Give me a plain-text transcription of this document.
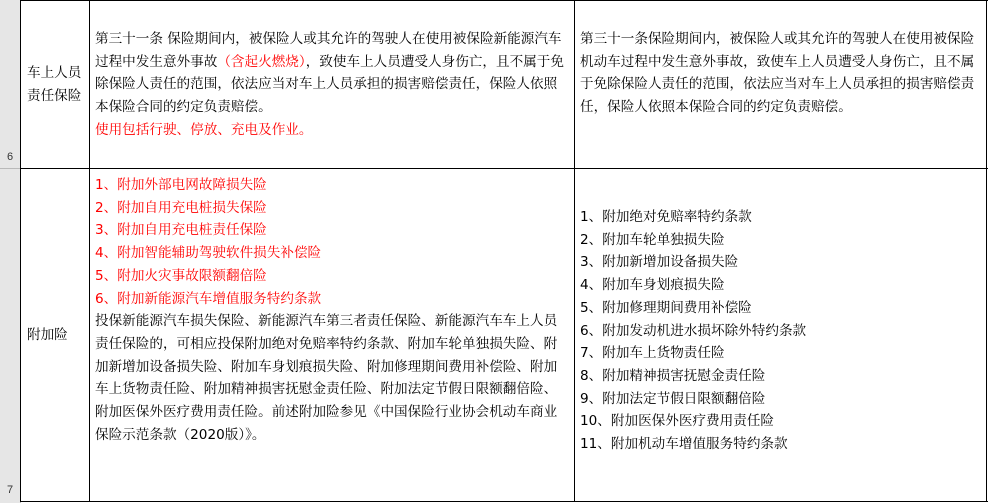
6
7
车上人员责任保险
第三十一条 保险期间内，被保险人或其允许的驾驶人在使用被保险新能源汽车过程中发生意外事故（含起火燃烧），致使车上人员遭受人身伤亡，且不属于免除保险人责任的范围，依法应当对车上人员承担的损害赔偿责任，保险人依照本保险合同的约定负责赔偿。
使用包括行驶、停放、充电及作业。
第三十一条保险期间内，被保险人或其允许的驾驶人在使用被保险机动车过程中发生意外事故，致使车上人员遭受人身伤亡，且不属于免除保险人责任的范围，依法应当对车上人员承担的损害赔偿责任，保险人依照本保险合同的约定负责赔偿。
附加险
1、附加外部电网故障损失险
2、附加自用充电桩损失保险
3、附加自用充电桩责任保险
4、附加智能辅助驾驶软件损失补偿险
5、附加火灾事故限额翻倍险
6、附加新能源汽车增值服务特约条款
投保新能源汽车损失保险、新能源汽车第三者责任保险、新能源汽车车上人员责任保险的，可相应投保附加绝对免赔率特约条款、附加车轮单独损失险、附加新增加设备损失险、附加车身划痕损失险、附加修理期间费用补偿险、附加车上货物责任险、附加精神损害抚慰金责任险、附加法定节假日限额翻倍险、附加医保外医疗费用责任险。前述附加险参见《中国保险行业协会机动车商业保险示范条款（2020版）》。
1、附加绝对免赔率特约条款
2、附加车轮单独损失险
3、附加新增加设备损失险
4、附加车身划痕损失险
5、附加修理期间费用补偿险
6、附加发动机进水损坏除外特约条款
7、附加车上货物责任险
8、附加精神损害抚慰金责任险
9、附加法定节假日限额翻倍险
10、附加医保外医疗费用责任险
11、附加机动车增值服务特约条款
